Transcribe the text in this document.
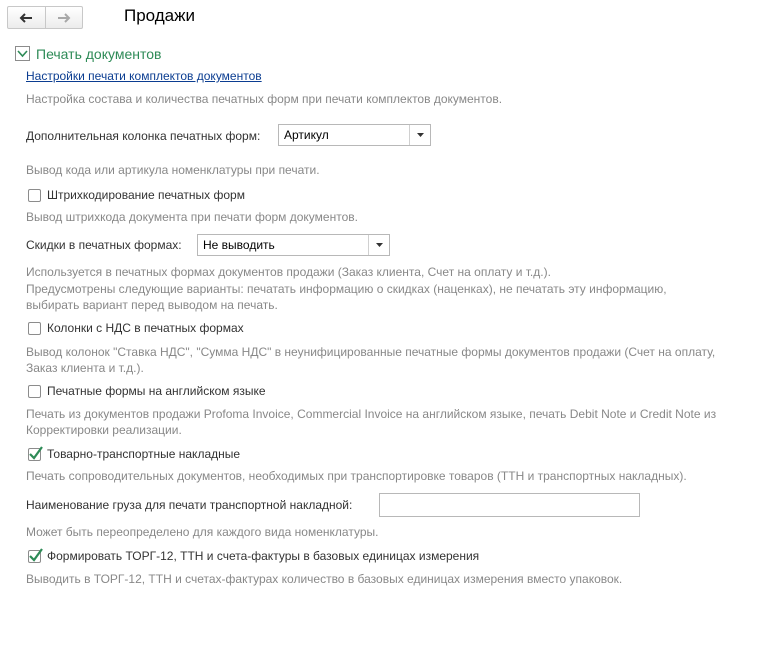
Продажи
Печать документов
Настройки печати комплектов документов
Настройка состава и количества печатных форм при печати комплектов документов.
Дополнительная колонка печатных форм:	Артикул
Вывод кода или артикула номенклатуры при печати.
Штрихкодирование печатных форм
Вывод штрихкода документа при печати форм документов.
Скидки в печатных формах:	Не выводить
Используется в печатных формах документов продажи (Заказ клиента, Счет на оплату и т.д.).
Предусмотрены следующие варианты: печатать информацию о скидках (наценках), не печатать эту информацию,
выбирать вариант перед выводом на печать.
Колонки с НДС в печатных формах
Вывод колонок "Ставка НДС", "Сумма НДС" в неунифицированные печатные формы документов продажи (Счет на оплату,
Заказ клиента и т.д.).
Печатные формы на английском языке
Печать из документов продажи Profoma Invoice, Commercial Invoice на английском языке, печать Debit Note и Credit Note из
Корректировки реализации.
Товарно-транспортные накладные
Печать сопроводительных документов, необходимых при транспортировке товаров (ТТН и транспортных накладных).
Наименование груза для печати транспортной накладной:
Может быть переопределено для каждого вида номенклатуры.
Формировать ТОРГ-12, ТТН и счета-фактуры в базовых единицах измерения
Выводить в ТОРГ-12, ТТН и счетах-фактурах количество в базовых единицах измерения вместо упаковок.
